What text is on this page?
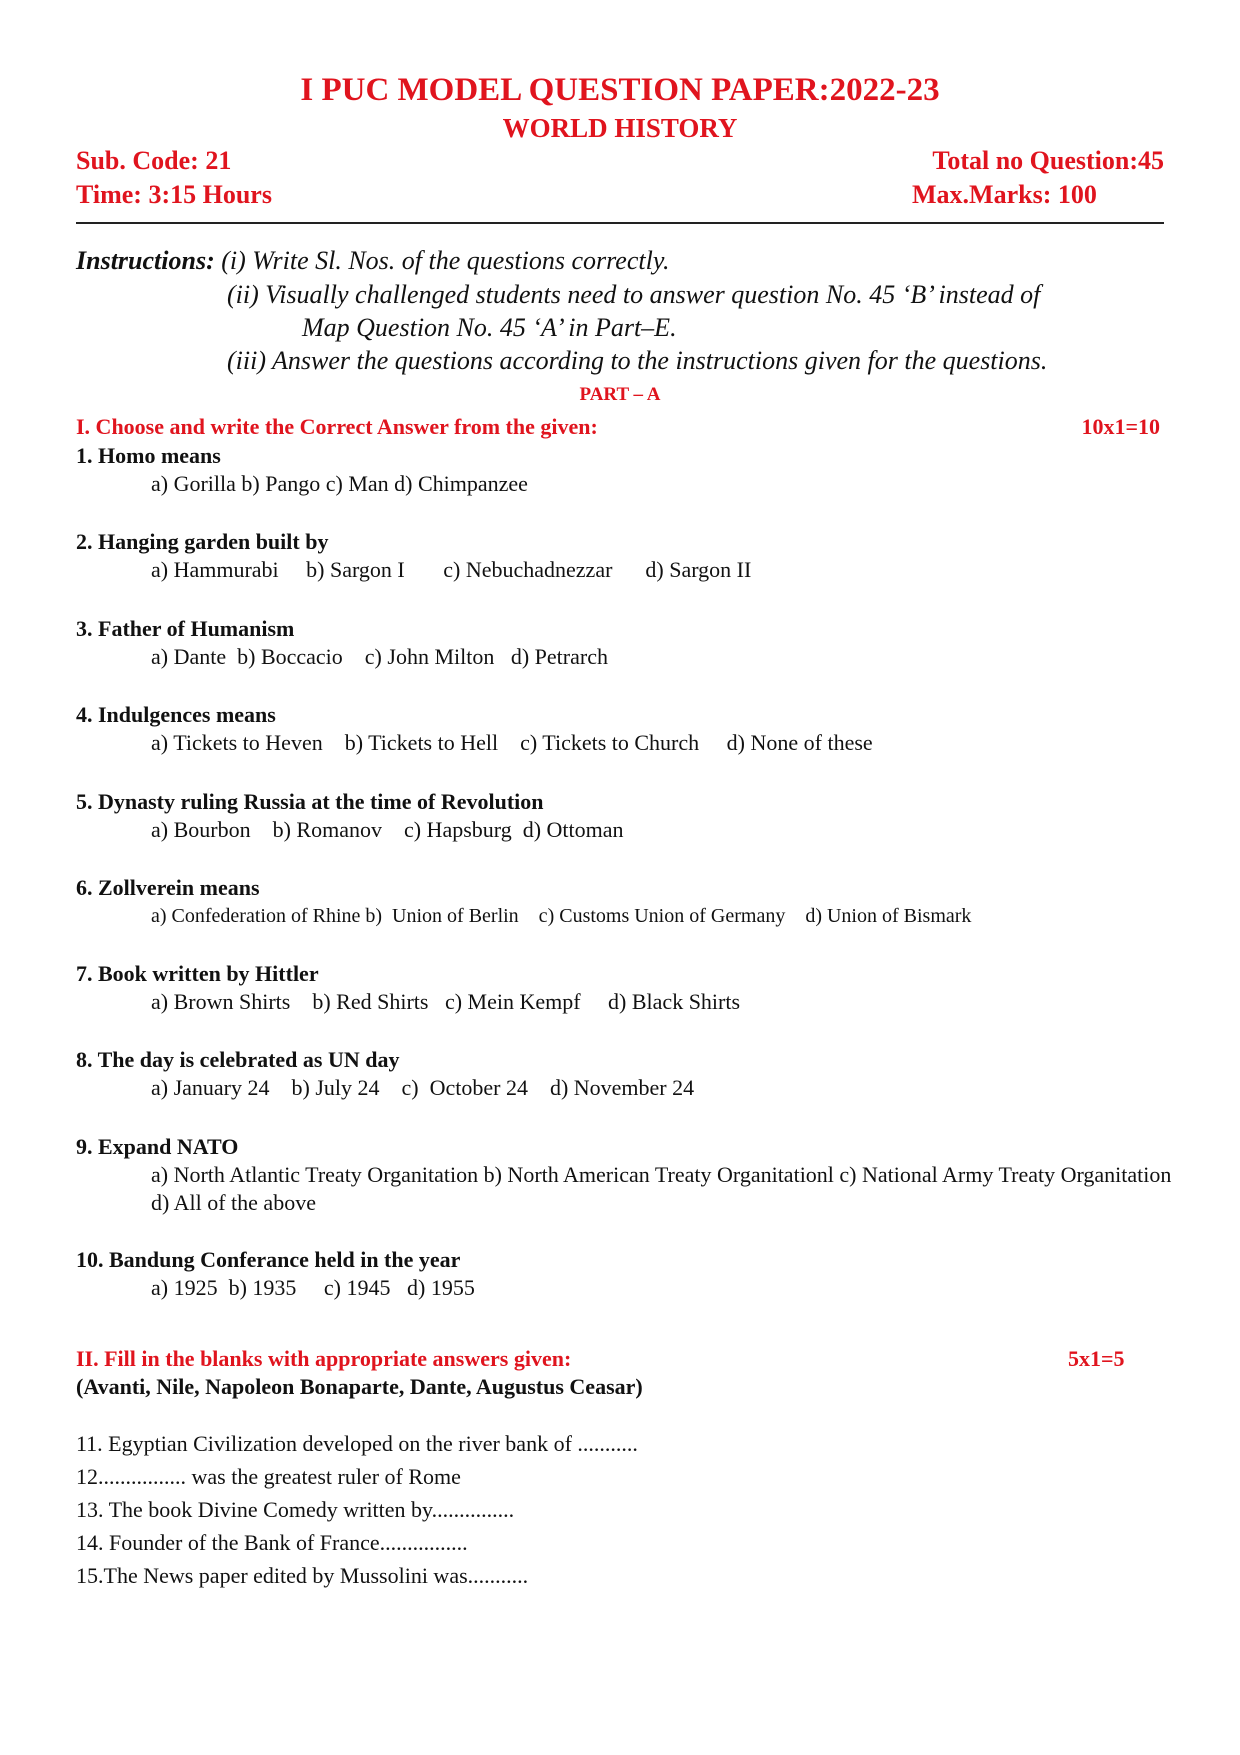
I PUC MODEL QUESTION PAPER:2022-23
WORLD HISTORY
Sub. Code: 21	Total no Question:45
Time: 3:15 Hours	Max.Marks: 100
Instructions: (i) Write Sl. Nos. of the questions correctly.
(ii) Visually challenged students need to answer question No. 45 ‘B’ instead of
Map Question No. 45 ‘A’ in Part–E.
(iii) Answer the questions according to the instructions given for the questions.
PART – A
I. Choose and write the Correct Answer from the given:	10x1=10
1. Homo means
a) Gorilla b) Pango c) Man d) Chimpanzee
2. Hanging garden built by
a) Hammurabi     b) Sargon I       c) Nebuchadnezzar      d) Sargon II
3. Father of Humanism
a) Dante  b) Boccacio    c) John Milton   d) Petrarch
4. Indulgences means
a) Tickets to Heven    b) Tickets to Hell    c) Tickets to Church     d) None of these
5. Dynasty ruling Russia at the time of Revolution
a) Bourbon    b) Romanov    c) Hapsburg  d) Ottoman
6. Zollverein means
a) Confederation of Rhine b)  Union of Berlin    c) Customs Union of Germany    d) Union of Bismark
7. Book written by Hittler
a) Brown Shirts    b) Red Shirts   c) Mein Kempf     d) Black Shirts
8. The day is celebrated as UN day
a) January 24    b) July 24    c)  October 24    d) November 24
9. Expand NATO
a) North Atlantic Treaty Organitation b) North American Treaty Organitationl c) National Army Treaty Organitation d) All of the above
10. Bandung Conferance held in the year
a) 1925  b) 1935     c) 1945   d) 1955
II. Fill in the blanks with appropriate answers given:	5x1=5
(Avanti, Nile, Napoleon Bonaparte, Dante, Augustus Ceasar)
11. Egyptian Civilization developed on the river bank of ...........
12................ was the greatest ruler of Rome
13. The book Divine Comedy written by...............
14. Founder of the Bank of France................
15.The News paper edited by Mussolini was...........
